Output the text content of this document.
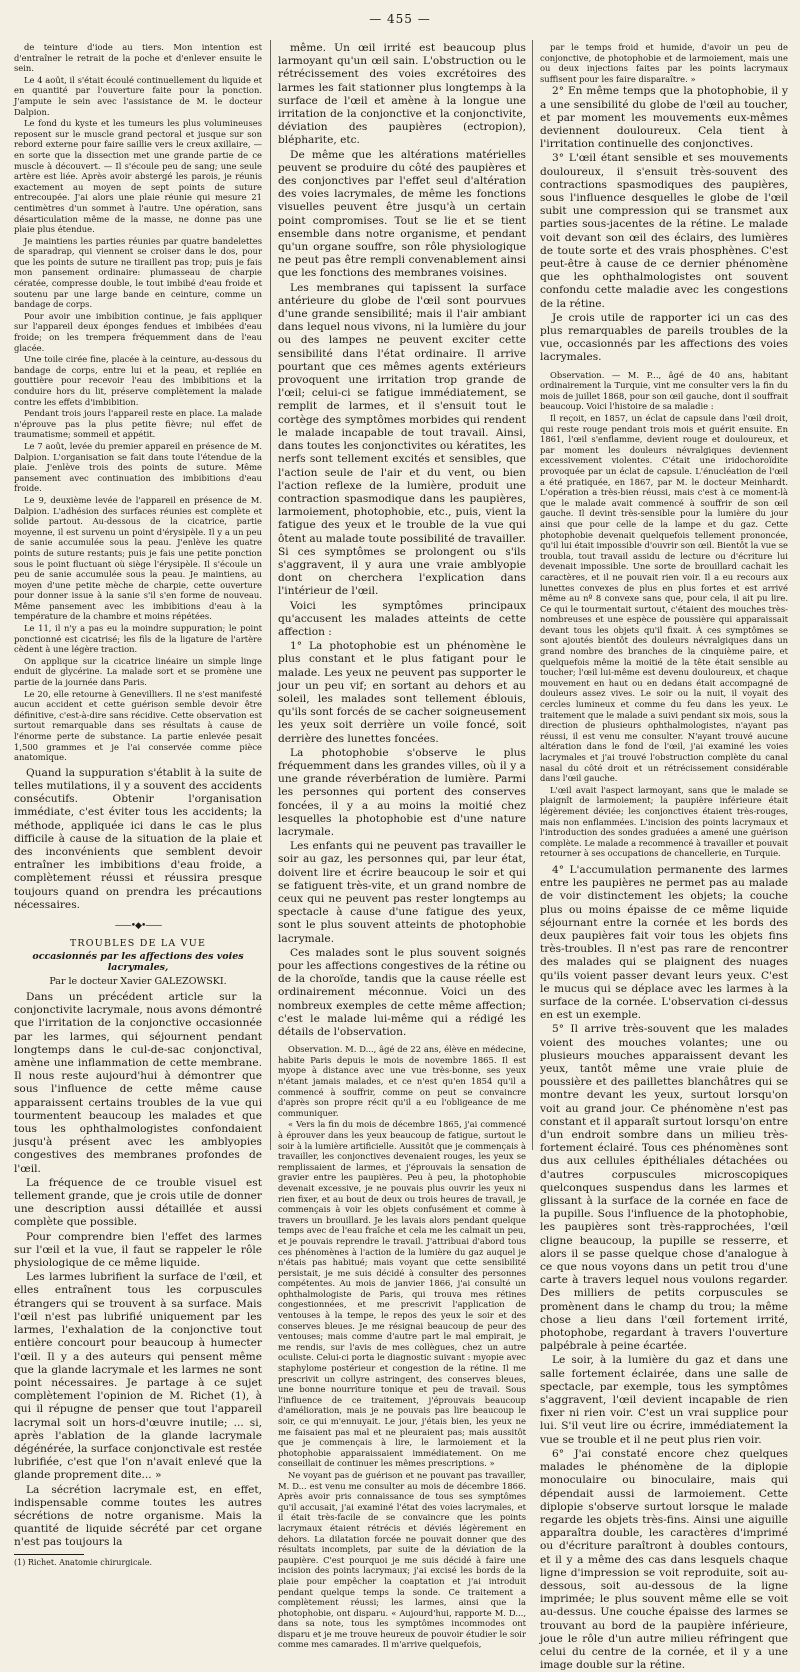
— 455 —

de teinture d'iode au tiers. Mon intention est d'entraîner le retrait de la poche et d'enlever ensuite le sein.

Le 4 août, il s'était écoulé continuellement du liquide et en quantité par l'ouverture faite pour la ponction. J'ampute le sein avec l'assistance de M. le docteur Dalpion.

Le fond du kyste et les tumeurs les plus volumineuses reposent sur le muscle grand pectoral et jusque sur son rebord externe pour faire saillie vers le creux axillaire, — en sorte que la dissection met une grande partie de ce muscle à découvert. — Il s'écoule peu de sang; une seule artère est liée. Après avoir abstergé les parois, je réunis exactement au moyen de sept points de suture entrecoupée. J'ai alors une plaie réunie qui mesure 21 centimètres d'un sommet à l'autre. Une opération, sans désarticulation même de la masse, ne donne pas une plaie plus étendue.

Je maintiens les parties réunies par quatre bandelettes de sparadrap, qui viennent se croiser dans le dos, pour que les points de suture ne tiraillent pas trop; puis je fais mon pansement ordinaire: plumasseau de charpie cératée, compresse double, le tout imbibé d'eau froide et soutenu par une large bande en ceinture, comme un bandage de corps.

Pour avoir une imbibition continue, je fais appliquer sur l'appareil deux éponges fendues et imbibées d'eau froide; on les trempera fréquemment dans de l'eau glacée.

Une toile cirée fine, placée à la ceinture, au-dessous du bandage de corps, entre lui et la peau, et repliée en gouttière pour recevoir l'eau des imbibitions et la conduire hors du lit, préserve complètement la malade contre les effets d'imbibition.

Pendant trois jours l'appareil reste en place. La malade n'éprouve pas la plus petite fièvre; nul effet de traumatisme; sommeil et appétit.

Le 7 août, levée du premier appareil en présence de M. Dalpion. L'organisation se fait dans toute l'étendue de la plaie. J'enlève trois des points de suture. Même pansement avec continuation des imbibitions d'eau froide.

Le 9, deuxième levée de l'appareil en présence de M. Dalpion. L'adhésion des surfaces réunies est complète et solide partout. Au-dessous de la cicatrice, partie moyenne, il est survenu un point d'érysipèle. Il y a un peu de sanie accumulée sous la peau. J'enlève les quatre points de suture restants; puis je fais une petite ponction sous le point fluctuant où siège l'érysipèle. Il s'écoule un peu de sanie accumulée sous la peau. Je maintiens, au moyen d'une petite mèche de charpie, cette ouverture pour donner issue à la sanie s'il s'en forme de nouveau. Même pansement avec les imbibitions d'eau à la température de la chambre et moins répétées.

Le 11, il n'y a pas eu la moindre suppuration; le point ponctionné est cicatrisé; les fils de la ligature de l'artère cèdent à une légère traction.

On applique sur la cicatrice linéaire un simple linge enduit de glycérine. La malade sort et se promène une partie de la journée dans Paris.

Le 20, elle retourne à Genevilliers. Il ne s'est manifesté aucun accident et cette guérison semble devoir être définitive, c'est-à-dire sans récidive. Cette observation est surtout remarquable dans ses résultats à cause de l'énorme perte de substance. La partie enlevée pesait 1,500 grammes et je l'ai conservée comme pièce anatomique.

Quand la suppuration s'établit à la suite de telles mutilations, il y a souvent des accidents consécutifs. Obtenir l'organisation immédiate, c'est éviter tous les accidents; la méthode, appliquée ici dans le cas le plus difficile à cause de la situation de la plaie et des inconvénients que semblent devoir entraîner les imbibitions d'eau froide, a complètement réussi et réussira presque toujours quand on prendra les précautions nécessaires.

——•◆•——
TROUBLES DE LA VUE
occasionnés par les affections des voies lacrymales,
Par le docteur Xavier GALEZOWSKI.

Dans un précédent article sur la conjonctivite lacrymale, nous avons démontré que l'irritation de la conjonctive occasionnée par les larmes, qui séjournent pendant longtemps dans le cul-de-sac conjonctival, amène une inflammation de cette membrane. Il nous reste aujourd'hui à démontrer que sous l'influence de cette même cause apparaissent certains troubles de la vue qui tourmentent beaucoup les malades et que tous les ophthalmologistes confondaient jusqu'à présent avec les amblyopies congestives des membranes profondes de l'œil.

La fréquence de ce trouble visuel est tellement grande, que je crois utile de donner une description aussi détaillée et aussi complète que possible.

Pour comprendre bien l'effet des larmes sur l'œil et la vue, il faut se rappeler le rôle physiologique de ce même liquide.

Les larmes lubrifient la surface de l'œil, et elles entraînent tous les corpuscules étrangers qui se trouvent à sa surface. Mais l'œil n'est pas lubrifié uniquement par les larmes, l'exhalation de la conjonctive tout entière concourt pour beaucoup à humecter l'œil. Il y a des auteurs qui pensent même que la glande lacrymale et les larmes ne sont point nécessaires. Je partage à ce sujet complètement l'opinion de M. Richet (1), à qui il répugne de penser que tout l'appareil lacrymal soit un hors-d'œuvre inutile; ... si, après l'ablation de la glande lacrymale dégénérée, la surface conjonctivale est restée lubrifiée, c'est que l'on n'avait enlevé que la glande proprement dite... »

La sécrétion lacrymale est, en effet, indispensable comme toutes les autres sécrétions de notre organisme. Mais la quantité de liquide sécrété par cet organe n'est pas toujours la

(1) Richet. Anatomie chirurgicale.

même. Un œil irrité est beaucoup plus larmoyant qu'un œil sain. L'obstruction ou le rétrécissement des voies excrétoires des larmes les fait stationner plus longtemps à la surface de l'œil et amène à la longue une irritation de la conjonctive et la conjonctivite, déviation des paupières (ectropion), blépharite, etc.

De même que les altérations matérielles peuvent se produire du côté des paupières et des conjonctives par l'effet seul d'altération des voies lacrymales, de même les fonctions visuelles peuvent être jusqu'à un certain point compromises. Tout se lie et se tient ensemble dans notre organisme, et pendant qu'un organe souffre, son rôle physiologique ne peut pas être rempli convenablement ainsi que les fonctions des membranes voisines.

Les membranes qui tapissent la surface antérieure du globe de l'œil sont pourvues d'une grande sensibilité; mais il l'air ambiant dans lequel nous vivons, ni la lumière du jour ou des lampes ne peuvent exciter cette sensibilité dans l'état ordinaire. Il arrive pourtant que ces mêmes agents extérieurs provoquent une irritation trop grande de l'œil; celui-ci se fatigue immédiatement, se remplit de larmes, et il s'ensuit tout le cortège des symptômes morbides qui rendent le malade incapable de tout travail. Ainsi, dans toutes les conjonctivites ou kératites, les nerfs sont tellement excités et sensibles, que l'action seule de l'air et du vent, ou bien l'action reflexe de la lumière, produit une contraction spasmodique dans les paupières, larmoiement, photophobie, etc., puis, vient la fatigue des yeux et le trouble de la vue qui ôtent au malade toute possibilité de travailler. Si ces symptômes se prolongent ou s'ils s'aggravent, il y aura une vraie amblyopie dont on cherchera l'explication dans l'intérieur de l'œil.

Voici les symptômes principaux qu'accusent les malades atteints de cette affection :

1° La photophobie est un phénomène le plus constant et le plus fatigant pour le malade. Les yeux ne peuvent pas supporter le jour un peu vif; en sortant au dehors et au soleil, les malades sont tellement éblouis, qu'ils sont forcés de se cacher soigneusement les yeux soit derrière un voile foncé, soit derrière des lunettes foncées.

La photophobie s'observe le plus fréquemment dans les grandes villes, où il y a une grande réverbération de lumière. Parmi les personnes qui portent des conserves foncées, il y a au moins la moitié chez lesquelles la photophobie est d'une nature lacrymale.

Les enfants qui ne peuvent pas travailler le soir au gaz, les personnes qui, par leur état, doivent lire et écrire beaucoup le soir et qui se fatiguent très-vite, et un grand nombre de ceux qui ne peuvent pas rester longtemps au spectacle à cause d'une fatigue des yeux, sont le plus souvent atteints de photophobie lacrymale.

Ces malades sont le plus souvent soignés pour les affections congestives de la rétine ou de la choroïde, tandis que la cause réelle est ordinairement méconnue. Voici un des nombreux exemples de cette même affection; c'est le malade lui-même qui a rédigé les détails de l'observation.

Observation. M. D..., âgé de 22 ans, élève en médecine, habite Paris depuis le mois de novembre 1865. Il est myope à distance avec une vue très-bonne, ses yeux n'étant jamais malades, et ce n'est qu'en 1854 qu'il a commencé à souffrir, comme on peut se convaincre d'après son propre récit qu'il a eu l'obligeance de me communiquer.

« Vers la fin du mois de décembre 1865, j'ai commencé à éprouver dans les yeux beaucoup de fatigue, surtout le soir à la lumière artificielle. Aussitôt que je commençais à travailler, les conjonctives devenaient rouges, les yeux se remplissaient de larmes, et j'éprouvais la sensation de gravier entre les paupières. Peu à peu, la photophobie devenait excessive, je ne pouvais plus ouvrir les yeux ni rien fixer, et au bout de deux ou trois heures de travail, je commençais à voir les objets confusément et comme à travers un brouillard. Je les lavais alors pendant quelque temps avec de l'eau fraîche et cela me les calmait un peu, et je pouvais reprendre le travail. J'attribuai d'abord tous ces phénomènes à l'action de la lumière du gaz auquel je n'étais pas habitué; mais voyant que cette sensibilité persistait, je me suis décidé à consulter des personnes compétentes. Au mois de janvier 1866, j'ai consulté un ophthalmologiste de Paris, qui trouva mes rétines congestionnées, et me prescrivit l'application de ventouses à la tempe, le repos des yeux le soir et des conserves bleues. Je me résignai beaucoup de peur des ventouses; mais comme d'autre part le mal empirait, je me rendis, sur l'avis de mes collègues, chez un autre oculiste. Celui-ci porta le diagnostic suivant : myopie avec staphylome postérieur et congestion de la rétine. Il me prescrivit un collyre astringent, des conserves bleues, une bonne nourriture tonique et peu de travail. Sous l'influence de ce traitement, j'éprouvais beaucoup d'amélioration, mais je ne pouvais pas lire beaucoup le soir, ce qui m'ennuyait. Le jour, j'étais bien, les yeux ne me faisaient pas mal et ne pleuraient pas; mais aussitôt que je commençais à lire, le larmoiement et la photophobie apparaissaient immédiatement. On me conseillait de continuer les mêmes prescriptions. »

Ne voyant pas de guérison et ne pouvant pas travailler, M. D... est venu me consulter au mois de décembre 1866. Après avoir pris connaissance de tous ses symptômes qu'il accusait, j'ai examiné l'état des voies lacrymales, et il était très-facile de se convaincre que les points lacrymaux étaient rétrécis et déviés légèrement en dehors. La dilatation forcée ne pouvait donner que des résultats incomplets, par suite de la déviation de la paupière. C'est pourquoi je me suis décidé à faire une incision des points lacrymaux; j'ai excisé les bords de la plaie pour empêcher la coaptation et j'ai introduit pendant quelque temps la sonde. Ce traitement a complètement réussi; les larmes, ainsi que la photophobie, ont disparu. « Aujourd'hui, rapporte M. D..., dans sa note, tous les symptômes incommodes ont disparu et je me trouve heureux de pouvoir étudier le soir comme mes camarades. Il m'arrive quelquefois,

par le temps froid et humide, d'avoir un peu de conjonctive, de photophobie et de larmoiement, mais une ou deux injections faites par les points lacrymaux suffisent pour les faire disparaître. »

2° En même temps que la photophobie, il y a une sensibilité du globe de l'œil au toucher, et par moment les mouvements eux-mêmes deviennent douloureux. Cela tient à l'irritation continuelle des conjonctives.

3° L'œil étant sensible et ses mouvements douloureux, il s'ensuit très-souvent des contractions spasmodiques des paupières, sous l'influence desquelles le globe de l'œil subit une compression qui se transmet aux parties sous-jacentes de la rétine. Le malade voit devant son œil des éclairs, des lumières de toute sorte et des vrais phosphènes. C'est peut-être à cause de ce dernier phénomène que les ophthalmologistes ont souvent confondu cette maladie avec les congestions de la rétine.

Je crois utile de rapporter ici un cas des plus remarquables de pareils troubles de la vue, occasionnés par les affections des voies lacrymales.

Observation. — M. P..., âgé de 40 ans, habitant ordinairement la Turquie, vint me consulter vers la fin du mois de juillet 1868, pour son œil gauche, dont il souffrait beaucoup. Voici l'histoire de sa maladie :

Il reçoit, en 1857, un éclat de capsule dans l'œil droit, qui reste rouge pendant trois mois et guérit ensuite. En 1861, l'œil s'enflamme, devient rouge et douloureux, et par moment les douleurs névralgiques deviennent excessivement violentes. C'était une iridochoroïdite provoquée par un éclat de capsule. L'énucléation de l'œil a été pratiquée, en 1867, par M. le docteur Meinhardt. L'opération a très-bien réussi, mais c'est à ce moment-là que le malade avait commencé à souffrir de son œil gauche. Il devint très-sensible pour la lumière du jour ainsi que pour celle de la lampe et du gaz. Cette photophobie devenait quelquefois tellement prononcée, qu'il lui était impossible d'ouvrir son œil. Bientôt la vue se troubla, tout travail assidu de lecture ou d'écriture lui devenait impossible. Une sorte de brouillard cachait les caractères, et il ne pouvait rien voir. Il a eu recours aux lunettes convexes de plus en plus fortes et est arrivé même au nº 8 convexe sans que, pour cela, il ait pu lire. Ce qui le tourmentait surtout, c'étaient des mouches très-nombreuses et une espèce de poussière qui apparaissait devant tous les objets qu'il fixait. À ces symptômes se sont ajoutés bientôt des douleurs névralgiques dans un grand nombre des branches de la cinquième paire, et quelquefois même la moitié de la tête était sensible au toucher; l'œil lui-même est devenu douloureux, et chaque mouvement en haut ou en dedans était accompagné de douleurs assez vives. Le soir ou la nuit, il voyait des cercles lumineux et comme du feu dans les yeux. Le traitement que le malade a suivi pendant six mois, sous la direction de plusieurs ophthalmologistes, n'ayant pas réussi, il est venu me consulter. N'ayant trouvé aucune altération dans le fond de l'œil, j'ai examiné les voies lacrymales et j'ai trouvé l'obstruction complète du canal nasal du côté droit et un rétrécissement considérable dans l'œil gauche.

L'œil avait l'aspect larmoyant, sans que le malade se plaignît de larmoiement; la paupière inférieure était légèrement déviée; les conjonctives étaient très-rouges, mais non enflammées. L'incision des points lacrymaux et l'introduction des sondes graduées a amené une guérison complète. Le malade a recommencé à travailler et pouvait retourner à ses occupations de chancellerie, en Turquie.

4° L'accumulation permanente des larmes entre les paupières ne permet pas au malade de voir distinctement les objets; la couche plus ou moins épaisse de ce même liquide séjournant entre la cornée et les bords des deux paupières fait voir tous les objets fins très-troubles. Il n'est pas rare de rencontrer des malades qui se plaignent des nuages qu'ils voient passer devant leurs yeux. C'est le mucus qui se déplace avec les larmes à la surface de la cornée. L'observation ci-dessus en est un exemple.

5° Il arrive très-souvent que les malades voient des mouches volantes; une ou plusieurs mouches apparaissent devant les yeux, tantôt même une vraie pluie de poussière et des paillettes blanchâtres qui se montre devant les yeux, surtout lorsqu'on voit au grand jour. Ce phénomène n'est pas constant et il apparaît surtout lorsqu'on entre d'un endroit sombre dans un milieu très-fortement éclairé. Tous ces phénomènes sont dus aux cellules épithéliales détachées ou d'autres corpuscules microscopiques quelconques suspendus dans les larmes et glissant à la surface de la cornée en face de la pupille. Sous l'influence de la photophobie, les paupières sont très-rapprochées, l'œil cligne beaucoup, la pupille se resserre, et alors il se passe quelque chose d'analogue à ce que nous voyons dans un petit trou d'une carte à travers lequel nous voulons regarder. Des milliers de petits corpuscules se promènent dans le champ du trou; la même chose a lieu dans l'œil fortement irrité, photophobe, regardant à travers l'ouverture palpébrale à peine écartée.

Le soir, à la lumière du gaz et dans une salle fortement éclairée, dans une salle de spectacle, par exemple, tous les symptômes s'aggravent, l'œil devient incapable de rien fixer ni rien voir. C'est un vrai supplice pour lui. S'il veut lire ou écrire, immédiatement la vue se trouble et il ne peut plus rien voir.

6° J'ai constaté encore chez quelques malades le phénomène de la diplopie monoculaire ou binoculaire, mais qui dépendait aussi de larmoiement. Cette diplopie s'observe surtout lorsque le malade regarde les objets très-fins. Ainsi une aiguille apparaîtra double, les caractères d'imprimé ou d'écriture paraîtront à doubles contours, et il y a même des cas dans lesquels chaque ligne d'impression se voit reproduite, soit au-dessous, soit au-dessous de la ligne imprimée; le plus souvent même elle se voit au-dessus. Une couche épaisse des larmes se trouvant au bord de la paupière inférieure, joue le rôle d'un autre milieu réfringent que celui du centre de la cornée, et il y a une image double sur la rétine.
